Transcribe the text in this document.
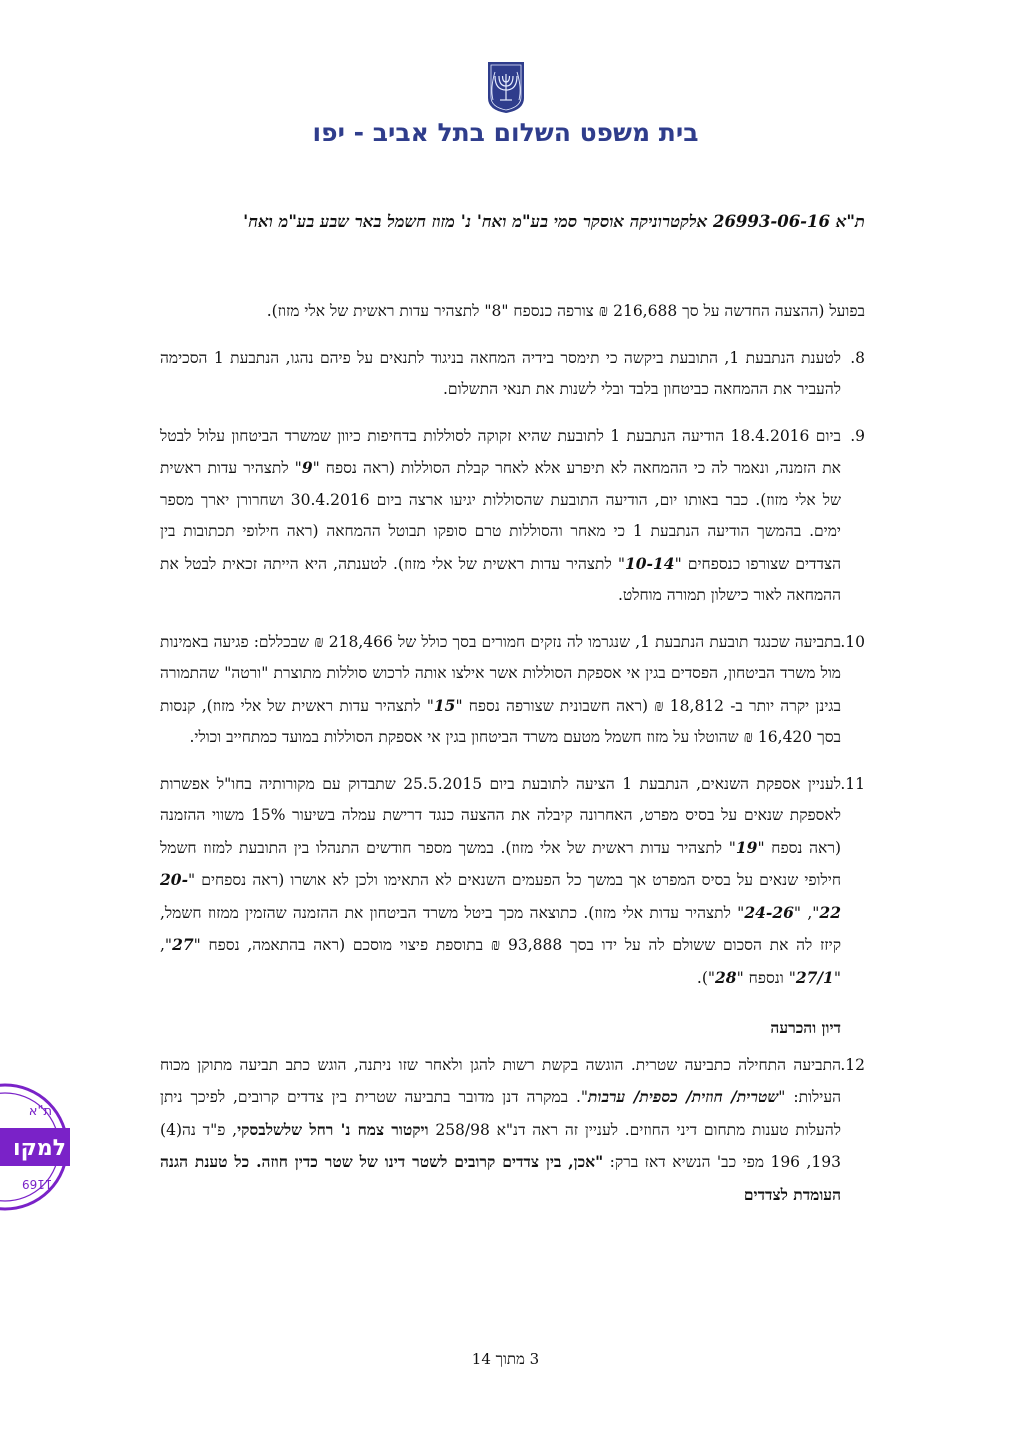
בית משפט השלום בתל אביב - יפו
ת"א 26993-06-16 אלקטרוניקה אוסקר סמי בע"מ ואח' נ' מזוז חשמל באר שבע בע"מ ואח'
בפועל (ההצעה החדשה על סך 216,688 ₪ צורפה כנספח "8" לתצהיר עדות ראשית של אלי מזוז).
8.
לטענת הנתבעת 1, התובעת ביקשה כי תימסר בידיה המחאה בניגוד לתנאים על פיהם נהגו, הנתבעת 1 הסכימה להעביר את ההמחאה כביטחון בלבד ובלי לשנות את תנאי התשלום.
9.
ביום 18.4.2016 הודיעה הנתבעת 1 לתובעת שהיא זקוקה לסוללות בדחיפות כיוון שמשרד הביטחון עלול לבטל את הזמנה, ונאמר לה כי ההמחאה לא תיפרע אלא לאחר קבלת הסוללות (ראה נספח "9" לתצהיר עדות ראשית של אלי מזוז). כבר באותו יום, הודיעה התובעת שהסוללות יגיעו ארצה ביום 30.4.2016 ושחרורן יארך מספר ימים. בהמשך הודיעה הנתבעת 1 כי מאחר והסוללות טרם סופקו תבוטל ההמחאה (ראה חילופי תכתובות בין הצדדים שצורפו כנספחים "10-14" לתצהיר עדות ראשית של אלי מזוז). לטענתה, היא הייתה זכאית לבטל את ההמחאה לאור כישלון תמורה מוחלט.
10.
בתביעה שכנגד תובעת הנתבעת 1, שנגרמו לה נזקים חמורים בסך כולל של 218,466 ₪ שבכללם: פגיעה באמינות מול משרד הביטחון, הפסדים בגין אי אספקת הסוללות אשר אילצו אותה לרכוש סוללות מתוצרת "ורטה" שהתמורה בגינן יקרה יותר ב- 18,812 ₪ (ראה חשבונית שצורפה נספח "15" לתצהיר עדות ראשית של אלי מזוז), קנסות בסך 16,420 ₪ שהוטלו על מזוז חשמל מטעם משרד הביטחון בגין אי אספקת הסוללות במועד כמתחייב וכולי.
11.
לעניין אספקת השנאים, הנתבעת 1 הציעה לתובעת ביום 25.5.2015 שתבדוק עם מקורותיה בחו"ל אפשרות לאספקת שנאים על בסיס מפרט, האחרונה קיבלה את ההצעה כנגד דרישת עמלה בשיעור 15% משווי ההזמנה (ראה נספח "19" לתצהיר עדות ראשית של אלי מזוז). במשך מספר חודשים התנהלו בין התובעת למזוז חשמל חילופי שנאים על בסיס המפרט אך במשך כל הפעמים השנאים לא התאימו ולכן לא אושרו (ראה נספחים "20-22", "24-26" לתצהיר עדות אלי מזוז). כתוצאה מכך ביטל משרד הביטחון את ההזמנה שהזמין ממזוז חשמל, קיזז לה את הסכום ששולם לה על ידו בסך 93,888 ₪ בתוספת פיצוי מוסכם (ראה בהתאמה, נספח "27", "27/1" ונספח "28").
דיון והכרעה
12.
התביעה התחילה כתביעה שטרית. הוגשה בקשת רשות להגן ולאחר שזו ניתנה, הוגש כתב תביעה מתוקן מכוח העילות: "שטרית/ חוזית/ כספית/ ערבות". במקרה דנן מדובר בתביעה שטרית בין צדדים קרובים, לפיכך ניתן להעלות טענות מתחום דיני החוזים. לעניין זה ראה דנ"א 258/98 ויקטור צמח נ' רחל שלשלבסקי, פ"ד נה(4) 193, 196 מפי כב' הנשיא דאז ברק: "אכן, בין צדדים קרובים לשטר דינו של שטר כדין חוזה. כל טענת הגנה העומדת לצדדים
3 מתוך 14
ת"א
למקו
1169
